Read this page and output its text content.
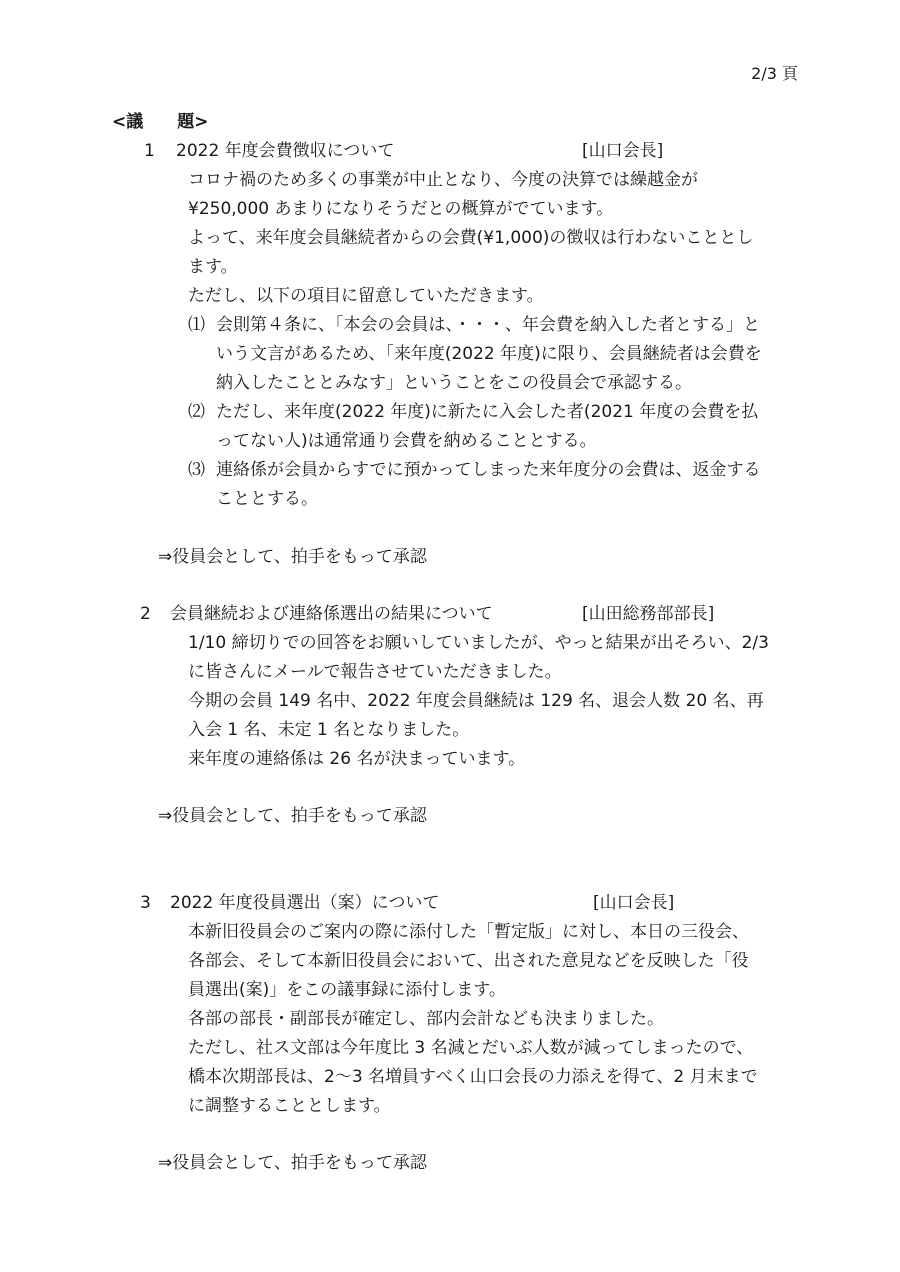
2/3 頁
<議 題>
1 2022 年度会費徴収について	[山口会長]
コロナ禍のため多くの事業が中止となり、今度の決算では繰越金が
¥250,000 あまりになりそうだとの概算がでています。
よって、来年度会員継続者からの会費(¥1,000)の徴収は行わないこととし
ます。
ただし、以下の項目に留意していただきます。
⑴ 会則第４条に、「本会の会員は、・・・、年会費を納入した者とする」と
いう文言があるため、「来年度(2022 年度)に限り、会員継続者は会費を
納入したこととみなす」ということをこの役員会で承認する。
⑵ ただし、来年度(2022 年度)に新たに入会した者(2021 年度の会費を払
ってない人)は通常通り会費を納めることとする。
⑶ 連絡係が会員からすでに預かってしまった来年度分の会費は、返金する
こととする。
⇒役員会として、拍手をもって承認
2 会員継続および連絡係選出の結果について	[山田総務部部長]
1/10 締切りでの回答をお願いしていましたが、やっと結果が出そろい、2/3
に皆さんにメールで報告させていただきました。
今期の会員 149 名中、2022 年度会員継続は 129 名、退会人数 20 名、再
入会 1 名、未定 1 名となりました。
来年度の連絡係は 26 名が決まっています。
⇒役員会として、拍手をもって承認
3 2022 年度役員選出（案）について	[山口会長]
本新旧役員会のご案内の際に添付した「暫定版」に対し、本日の三役会、
各部会、そして本新旧役員会において、出された意見などを反映した「役
員選出(案)」をこの議事録に添付します。
各部の部長・副部長が確定し、部内会計なども決まりました。
ただし、社ス文部は今年度比 3 名減とだいぶ人数が減ってしまったので、
橋本次期部長は、2～3 名増員すべく山口会長の力添えを得て、2 月末まで
に調整することとします。
⇒役員会として、拍手をもって承認
